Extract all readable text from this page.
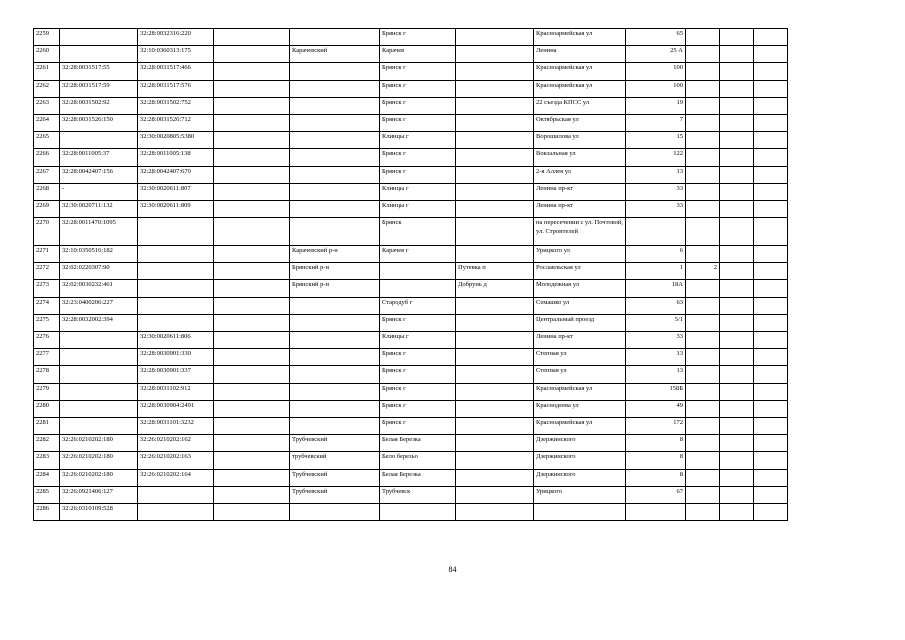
2259		32:28:0032316:220			Брянск г		Красноармейская ул	65			
2260		32:10:0360313:175		Карачевский	Карачев		Ленина	25 А			
2261	32:28:0031517:55	32:28:0031517:466			Брянск г		Красноармейская ул	100			
2262	32:28:0031517:59	32:28:0031517:576			Брянск г		Красноармейская ул	100			
2263	32:28:0031502:92	32:28:0031502:752			Брянск г		22 съезда КПСС ул	19			
2264	32:28:0031526:150	32:28:0031526:712			Брянск г		Октябрьская ул	7			
2265		32:30:0020805:5380			Клинцы г		Ворошилова ул	15			
2266	32:28:0011005:37	32:28:0011005:138			Брянск г		Вокзальная ул	122			
2267	32:28:0042407:156	32:28:0042407:670			Брянск г		2-я Аллея ул	13			
2268	-	32:30:0020611:807			Клинцы г		Ленина пр-кт	33			
2269	32:30:0020711:132	32:30:0020611:809			Клинцы г		Ленина пр-кт	33			
2270	32:28:0011470:1095				Брянск		на пересечении с ул. Почтовой, ул. Строителей				
2271	32:10:0350516:182			Карачевский р-н	Карачев г		Урицкого ул	6			
2272	32:02:0220307:90			Брянский р-н		Путевка п	Рославльская ул	1	2		
2273	32:02:0030232:461			Брянский р-н		Добрунь д	Молодежная ул	18А			
2274	32:23:0400206:227				Стародуб г		Семашко ул	63			
2275	32:28:0032002:394				Брянск г		Центральный проезд	5/1			
2276		32:30:0020611:806			Клинцы г		Ленина пр-кт	33			
2277		32:28:0030901:330			Брянск г		Степная ул	13			
2278		32:28:0030901:337			Брянск г		Степная ул	13			
2279		32:28:0031102:912			Брянск г		Красноармейская ул	158Б			
2280		32:28:0030904:2491			Брянск г		Краснодеева ул	49			
2281		32:28:0031101:3232			Брянск г		Красноармейская ул	172			
2282	32:26:0210202:180	32:26:0210202:162		Трубчевский	Белая Березка		Дзержинского	8			
2283	32:26:0210202:180	32:26:0210202:163		трубчевский	Бело березьо		Дзержинского	8			
2284	32:26:0210202:180	32:26:0210202:164		Трубчевский	Белая Березка		Дзержинского	8			
2285	32:26:0921406:127			Трубчевский	Трубчевск		Урицкого	67			
2286	32:26:0310109:528										
84
